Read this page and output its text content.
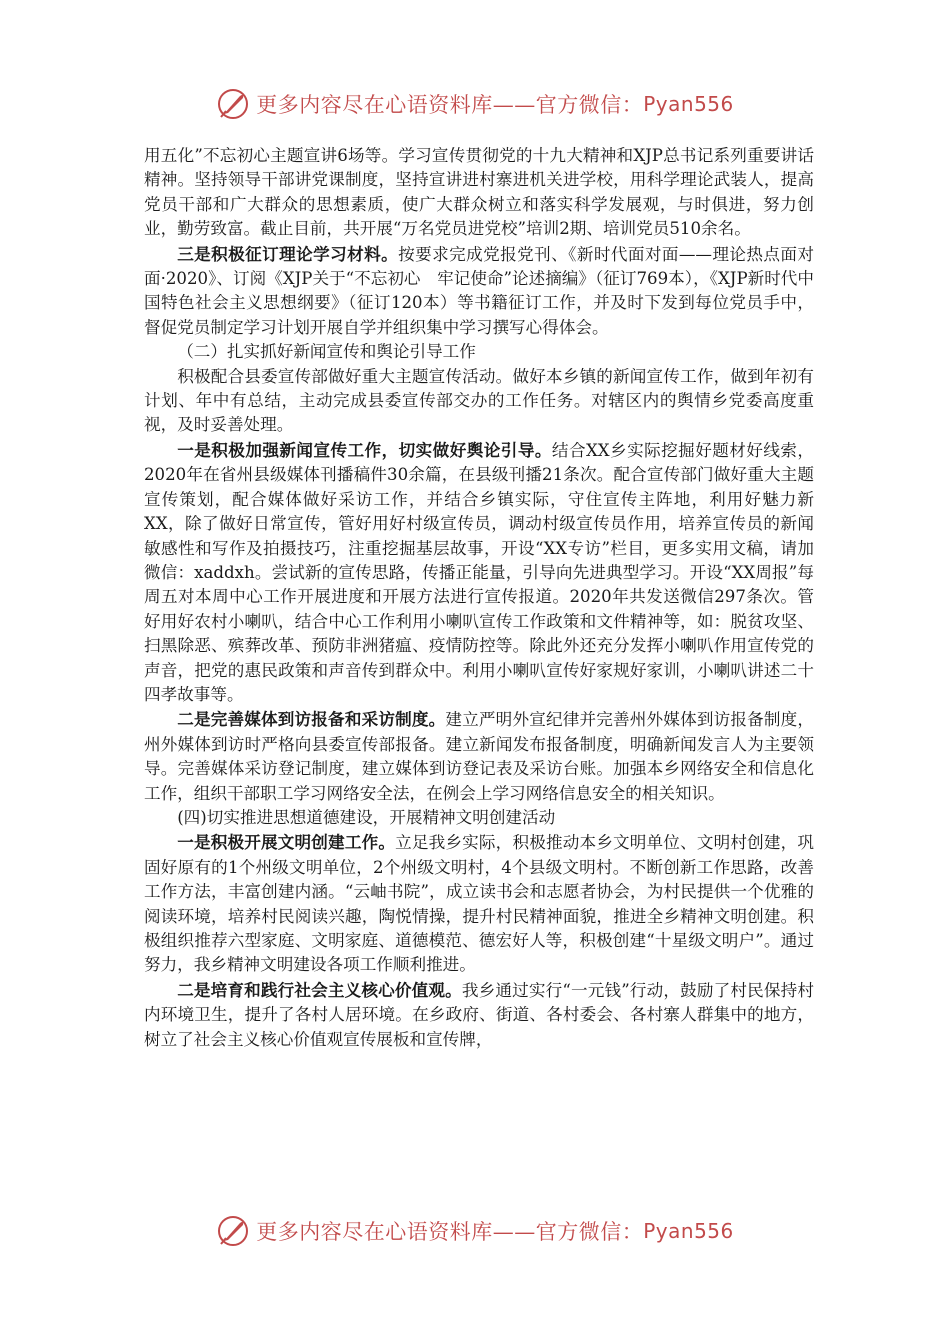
更多内容尽在心语资料库——官方微信： Pyan556

用五化”不忘初心主题宣讲6场等。学习宣传贯彻党的十九大精神和XJP总书记系列重要讲话精神。坚持领导干部讲党课制度，坚持宣讲进村寨进机关进学校，用科学理论武装人，提高党员干部和广大群众的思想素质，使广大群众树立和落实科学发展观，与时俱进，努力创业，勤劳致富。截止目前，共开展“万名党员进党校”培训2期、培训党员510余名。

三是积极征订理论学习材料。按要求完成党报党刊、《新时代面对面——理论热点面对面·2020》、订阅《XJP关于“不忘初心　牢记使命”论述摘编》（征订769本），《XJP新时代中国特色社会主义思想纲要》（征订120本）等书籍征订工作，并及时下发到每位党员手中，督促党员制定学习计划开展自学并组织集中学习撰写心得体会。

（二）扎实抓好新闻宣传和舆论引导工作

积极配合县委宣传部做好重大主题宣传活动。做好本乡镇的新闻宣传工作，做到年初有计划、年中有总结，主动完成县委宣传部交办的工作任务。对辖区内的舆情乡党委高度重视，及时妥善处理。

一是积极加强新闻宣传工作，切实做好舆论引导。结合XX乡实际挖掘好题材好线索，2020年在省州县级媒体刊播稿件30余篇，在县级刊播21条次。配合宣传部门做好重大主题宣传策划，配合媒体做好采访工作，并结合乡镇实际，守住宣传主阵地，利用好魅力新XX，除了做好日常宣传，管好用好村级宣传员，调动村级宣传员作用，培养宣传员的新闻敏感性和写作及拍摄技巧，注重挖掘基层故事，开设“XX专访”栏目，更多实用文稿，请加微信：xaddxh。尝试新的宣传思路，传播正能量，引导向先进典型学习。开设“XX周报”每周五对本周中心工作开展进度和开展方法进行宣传报道。2020年共发送微信297条次。管好用好农村小喇叭，结合中心工作利用小喇叭宣传工作政策和文件精神等，如：脱贫攻坚、扫黑除恶、殡葬改革、预防非洲猪瘟、疫情防控等。除此外还充分发挥小喇叭作用宣传党的声音，把党的惠民政策和声音传到群众中。利用小喇叭宣传好家规好家训，小喇叭讲述二十四孝故事等。

二是完善媒体到访报备和采访制度。建立严明外宣纪律并完善州外媒体到访报备制度，州外媒体到访时严格向县委宣传部报备。建立新闻发布报备制度，明确新闻发言人为主要领导。完善媒体采访登记制度，建立媒体到访登记表及采访台账。加强本乡网络安全和信息化工作，组织干部职工学习网络安全法，在例会上学习网络信息安全的相关知识。

(四)切实推进思想道德建设，开展精神文明创建活动

一是积极开展文明创建工作。立足我乡实际，积极推动本乡文明单位、文明村创建，巩固好原有的1个州级文明单位，2个州级文明村，4个县级文明村。不断创新工作思路，改善工作方法，丰富创建内涵。“云岫书院”，成立读书会和志愿者协会，为村民提供一个优雅的阅读环境，培养村民阅读兴趣，陶悦情操，提升村民精神面貌，推进全乡精神文明创建。积极组织推荐六型家庭、文明家庭、道德模范、德宏好人等，积极创建“十星级文明户”。通过努力，我乡精神文明建设各项工作顺利推进。

二是培育和践行社会主义核心价值观。我乡通过实行“一元钱”行动，鼓励了村民保持村内环境卫生，提升了各村人居环境。在乡政府、街道、各村委会、各村寨人群集中的地方，树立了社会主义核心价值观宣传展板和宣传牌，

更多内容尽在心语资料库——官方微信： Pyan556
